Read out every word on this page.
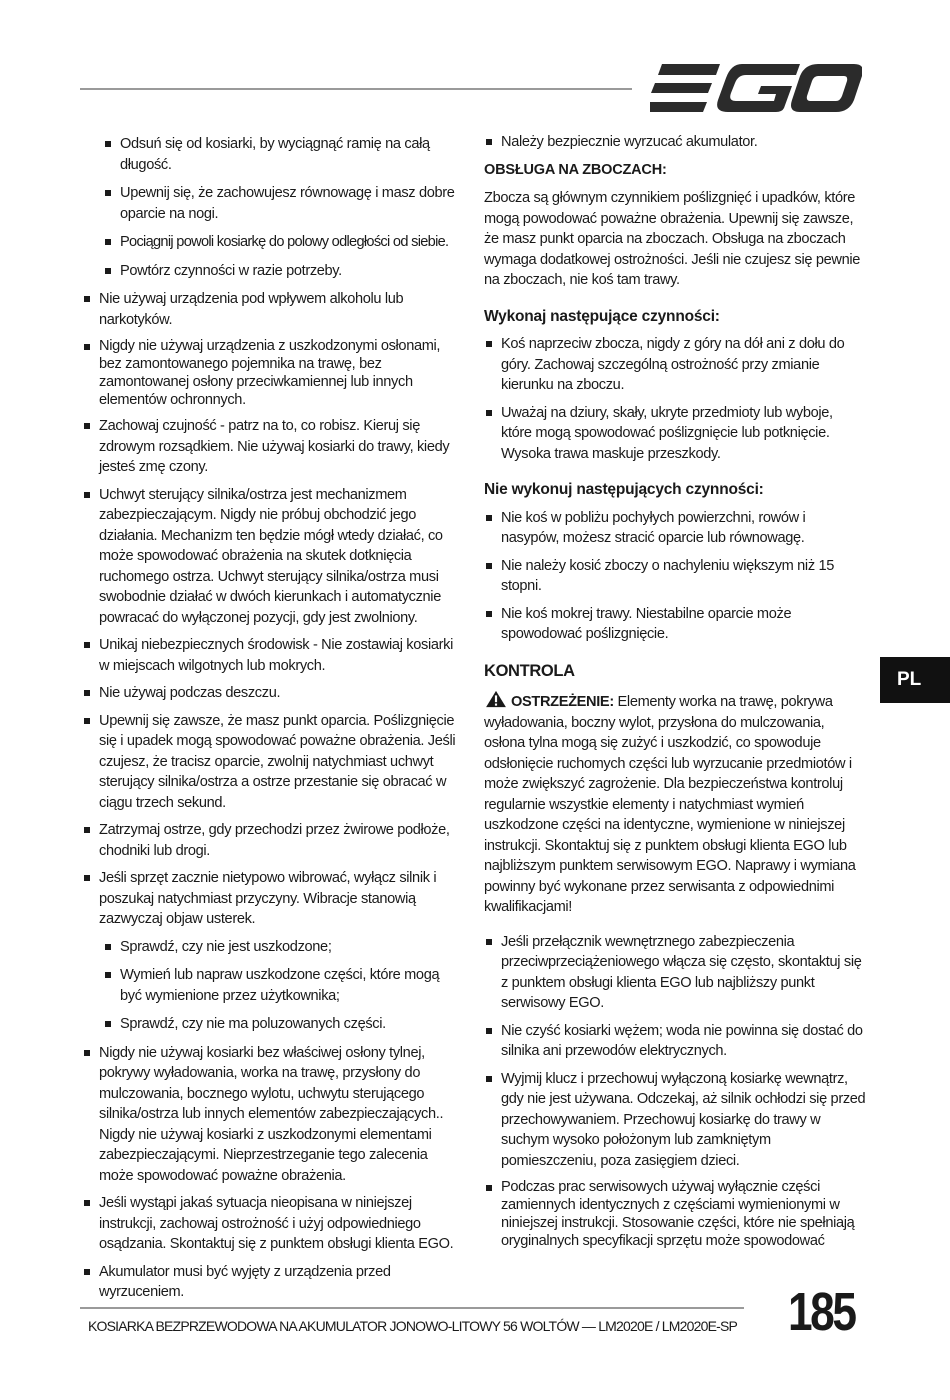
Odsuń się od kosiarki, by wyciągnąć ramię na całą długość.
Upewnij się, że zachowujesz równowagę i masz dobre oparcie na nogi.
Pociągnij powoli kosiarkę do polowy odległości od siebie.
Powtórz czynności w razie potrzeby.
Nie używaj urządzenia pod wpływem alkoholu lub narkotyków.
Nigdy nie używaj urządzenia z uszkodzonymi osłonami, bez zamontowanego pojemnika na trawę, bez zamontowanej osłony przeciwkamiennej lub innych elementów ochronnych.
Zachowaj czujność - patrz na to, co robisz. Kieruj się zdrowym rozsądkiem. Nie używaj kosiarki do trawy, kiedy jesteś zmę czony.
Uchwyt sterujący silnika/ostrza jest mechanizmem zabezpieczającym. Nigdy nie próbuj obchodzić jego działania. Mechanizm ten będzie mógł wtedy działać, co może spowodować obrażenia na skutek dotknięcia ruchomego ostrza. Uchwyt sterujący silnika/ostrza musi swobodnie działać w dwóch kierunkach i automatycznie powracać do wyłączonej pozycji, gdy jest zwolniony.
Unikaj niebezpiecznych środowisk - Nie zostawiaj kosiarki w miejscach wilgotnych lub mokrych.
Nie używaj podczas deszczu.
Upewnij się zawsze, że masz punkt oparcia. Poślizgnięcie się i upadek mogą spowodować poważne obrażenia. Jeśli czujesz, że tracisz oparcie, zwolnij natychmiast uchwyt sterujący silnika/ostrza a ostrze przestanie się obracać w ciągu trzech sekund.
Zatrzymaj ostrze, gdy przechodzi przez żwirowe podłoże, chodniki lub drogi.
Jeśli sprzęt zacznie nietypowo wibrować, wyłącz silnik i poszukaj natychmiast przyczyny. Wibracje stanowią zazwyczaj objaw usterek.
Sprawdź, czy nie jest uszkodzone;
Wymień lub napraw uszkodzone części, które mogą być wymienione przez użytkownika;
Sprawdź, czy nie ma poluzowanych części.
Nigdy nie używaj kosiarki bez właściwej osłony tylnej, pokrywy wyładowania, worka na trawę, przysłony do mulczowania, bocznego wylotu, uchwytu sterującego silnika/ostrza lub innych elementów zabezpieczających.. Nigdy nie używaj kosiarki z uszkodzonymi elementami zabezpieczającymi. Nieprzestrzeganie tego zalecenia może spowodować poważne obrażenia.
Jeśli wystąpi jakaś sytuacja nieopisana w niniejszej instrukcji, zachowaj ostrożność i użyj odpowiedniego osądzania. Skontaktuj się z punktem obsługi klienta EGO.
Akumulator musi być wyjęty z urządzenia przed wyrzuceniem.
Należy bezpiecznie wyrzucać akumulator.
OBSŁUGA NA ZBOCZACH:

Zbocza są głównym czynnikiem poślizgnięć i upadków, które mogą powodować poważne obrażenia. Upewnij się zawsze, że masz punkt oparcia na zboczach. Obsługa na zboczach wymaga dodatkowej ostrożności. Jeśli nie czujesz się pewnie na zboczach, nie koś tam trawy.

Wykonaj następujące czynności:
Koś naprzeciw zbocza, nigdy z góry na dół ani z dołu do góry. Zachowaj szczególną ostrożność przy zmianie kierunku na zboczu.
Uważaj na dziury, skały, ukryte przedmioty lub wyboje, które mogą spowodować poślizgnięcie lub potknięcie. Wysoka trawa maskuje przeszkody.
Nie wykonuj następujących czynności:
Nie koś w pobliżu pochyłych powierzchni, rowów i nasypów, możesz stracić oparcie lub równowagę.
Nie należy kosić zboczy o nachyleniu większym niż 15 stopni.
Nie koś mokrej trawy. Niestabilne oparcie może spowodować poślizgnięcie.
KONTROLA

OSTRZEŻENIE: Elementy worka na trawę, pokrywa wyładowania, boczny wylot, przysłona do mulczowania, osłona tylna mogą się zużyć i uszkodzić, co spowoduje odsłonięcie ruchomych części lub wyrzucanie przedmiotów i może zwiększyć zagrożenie. Dla bezpieczeństwa kontroluj regularnie wszystkie elementy i natychmiast wymień uszkodzone części na identyczne, wymienione w niniejszej instrukcji. Skontaktuj się z punktem obsługi klienta EGO lub najbliższym punktem serwisowym EGO. Naprawy i wymiana powinny być wykonane przez serwisanta z odpowiednimi kwalifikacjami!

Jeśli przełącznik wewnętrznego zabezpieczenia przeciwprzeciążeniowego włącza się często, skontaktuj się z punktem obsługi klienta EGO lub najbliższy punkt serwisowy EGO.
Nie czyść kosiarki wężem; woda nie powinna się dostać do silnika ani przewodów elektrycznych.
Wyjmij klucz i przechowuj wyłączoną kosiarkę wewnątrz, gdy nie jest używana. Odczekaj, aż silnik ochłodzi się przed przechowywaniem. Przechowuj kosiarkę do trawy w suchym wysoko położonym lub zamkniętym pomieszczeniu, poza zasięgiem dzieci.
Podczas prac serwisowych używaj wyłącznie części zamiennych identycznych z częściami wymienionymi w niniejszej instrukcji. Stosowanie części, które nie spełniają oryginalnych specyfikacji sprzętu może spowodować
PL
KOSIARKA BEZPRZEWODOWA NA AKUMULATOR JONOWO-LITOWY 56 WOLTÓW — LM2020E / LM2020E-SP 185
